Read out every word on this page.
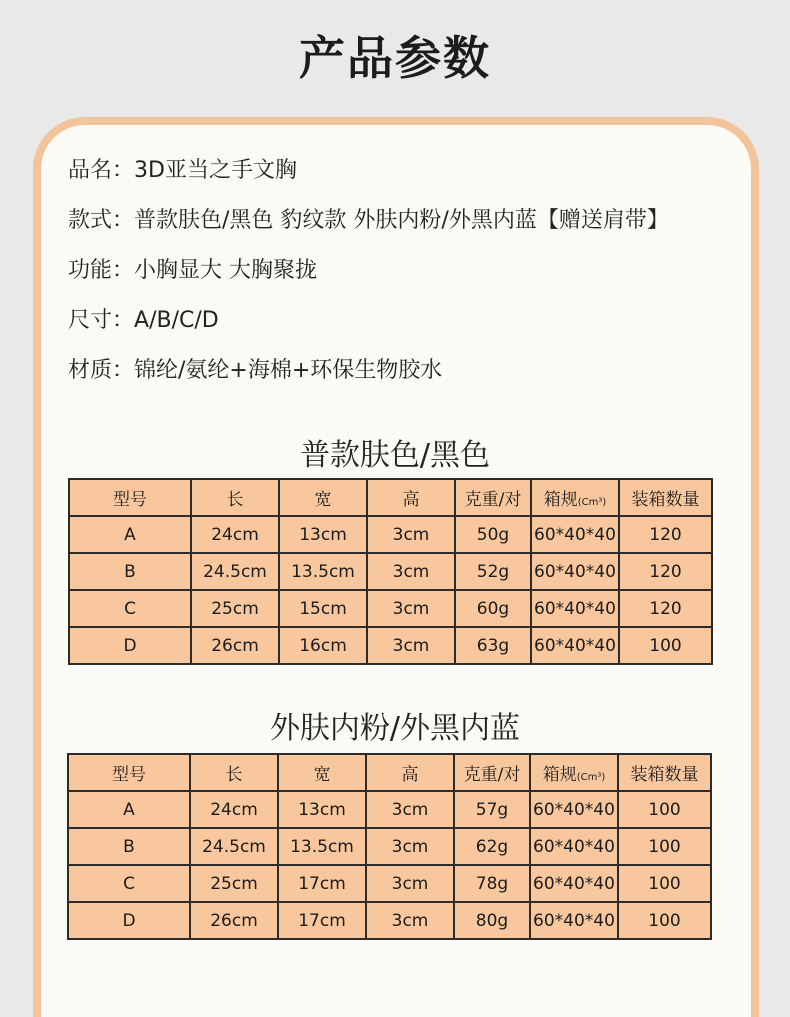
产品参数
品名：3D亚当之手文胸
款式：普款肤色/黑色 豹纹款 外肤内粉/外黑内蓝【赠送肩带】
功能：小胸显大 大胸聚拢
尺寸：A/B/C/D
材质：锦纶/氨纶+海棉+环保生物胶水
普款肤色/黑色
型号	长	宽	高	克重/对	箱规(Cm³)	装箱数量
A	24cm	13cm	3cm	50g	60*40*40	120
B	24.5cm	13.5cm	3cm	52g	60*40*40	120
C	25cm	15cm	3cm	60g	60*40*40	120
D	26cm	16cm	3cm	63g	60*40*40	100
外肤内粉/外黑内蓝
型号	长	宽	高	克重/对	箱规(Cm³)	装箱数量
A	24cm	13cm	3cm	57g	60*40*40	100
B	24.5cm	13.5cm	3cm	62g	60*40*40	100
C	25cm	17cm	3cm	78g	60*40*40	100
D	26cm	17cm	3cm	80g	60*40*40	100
